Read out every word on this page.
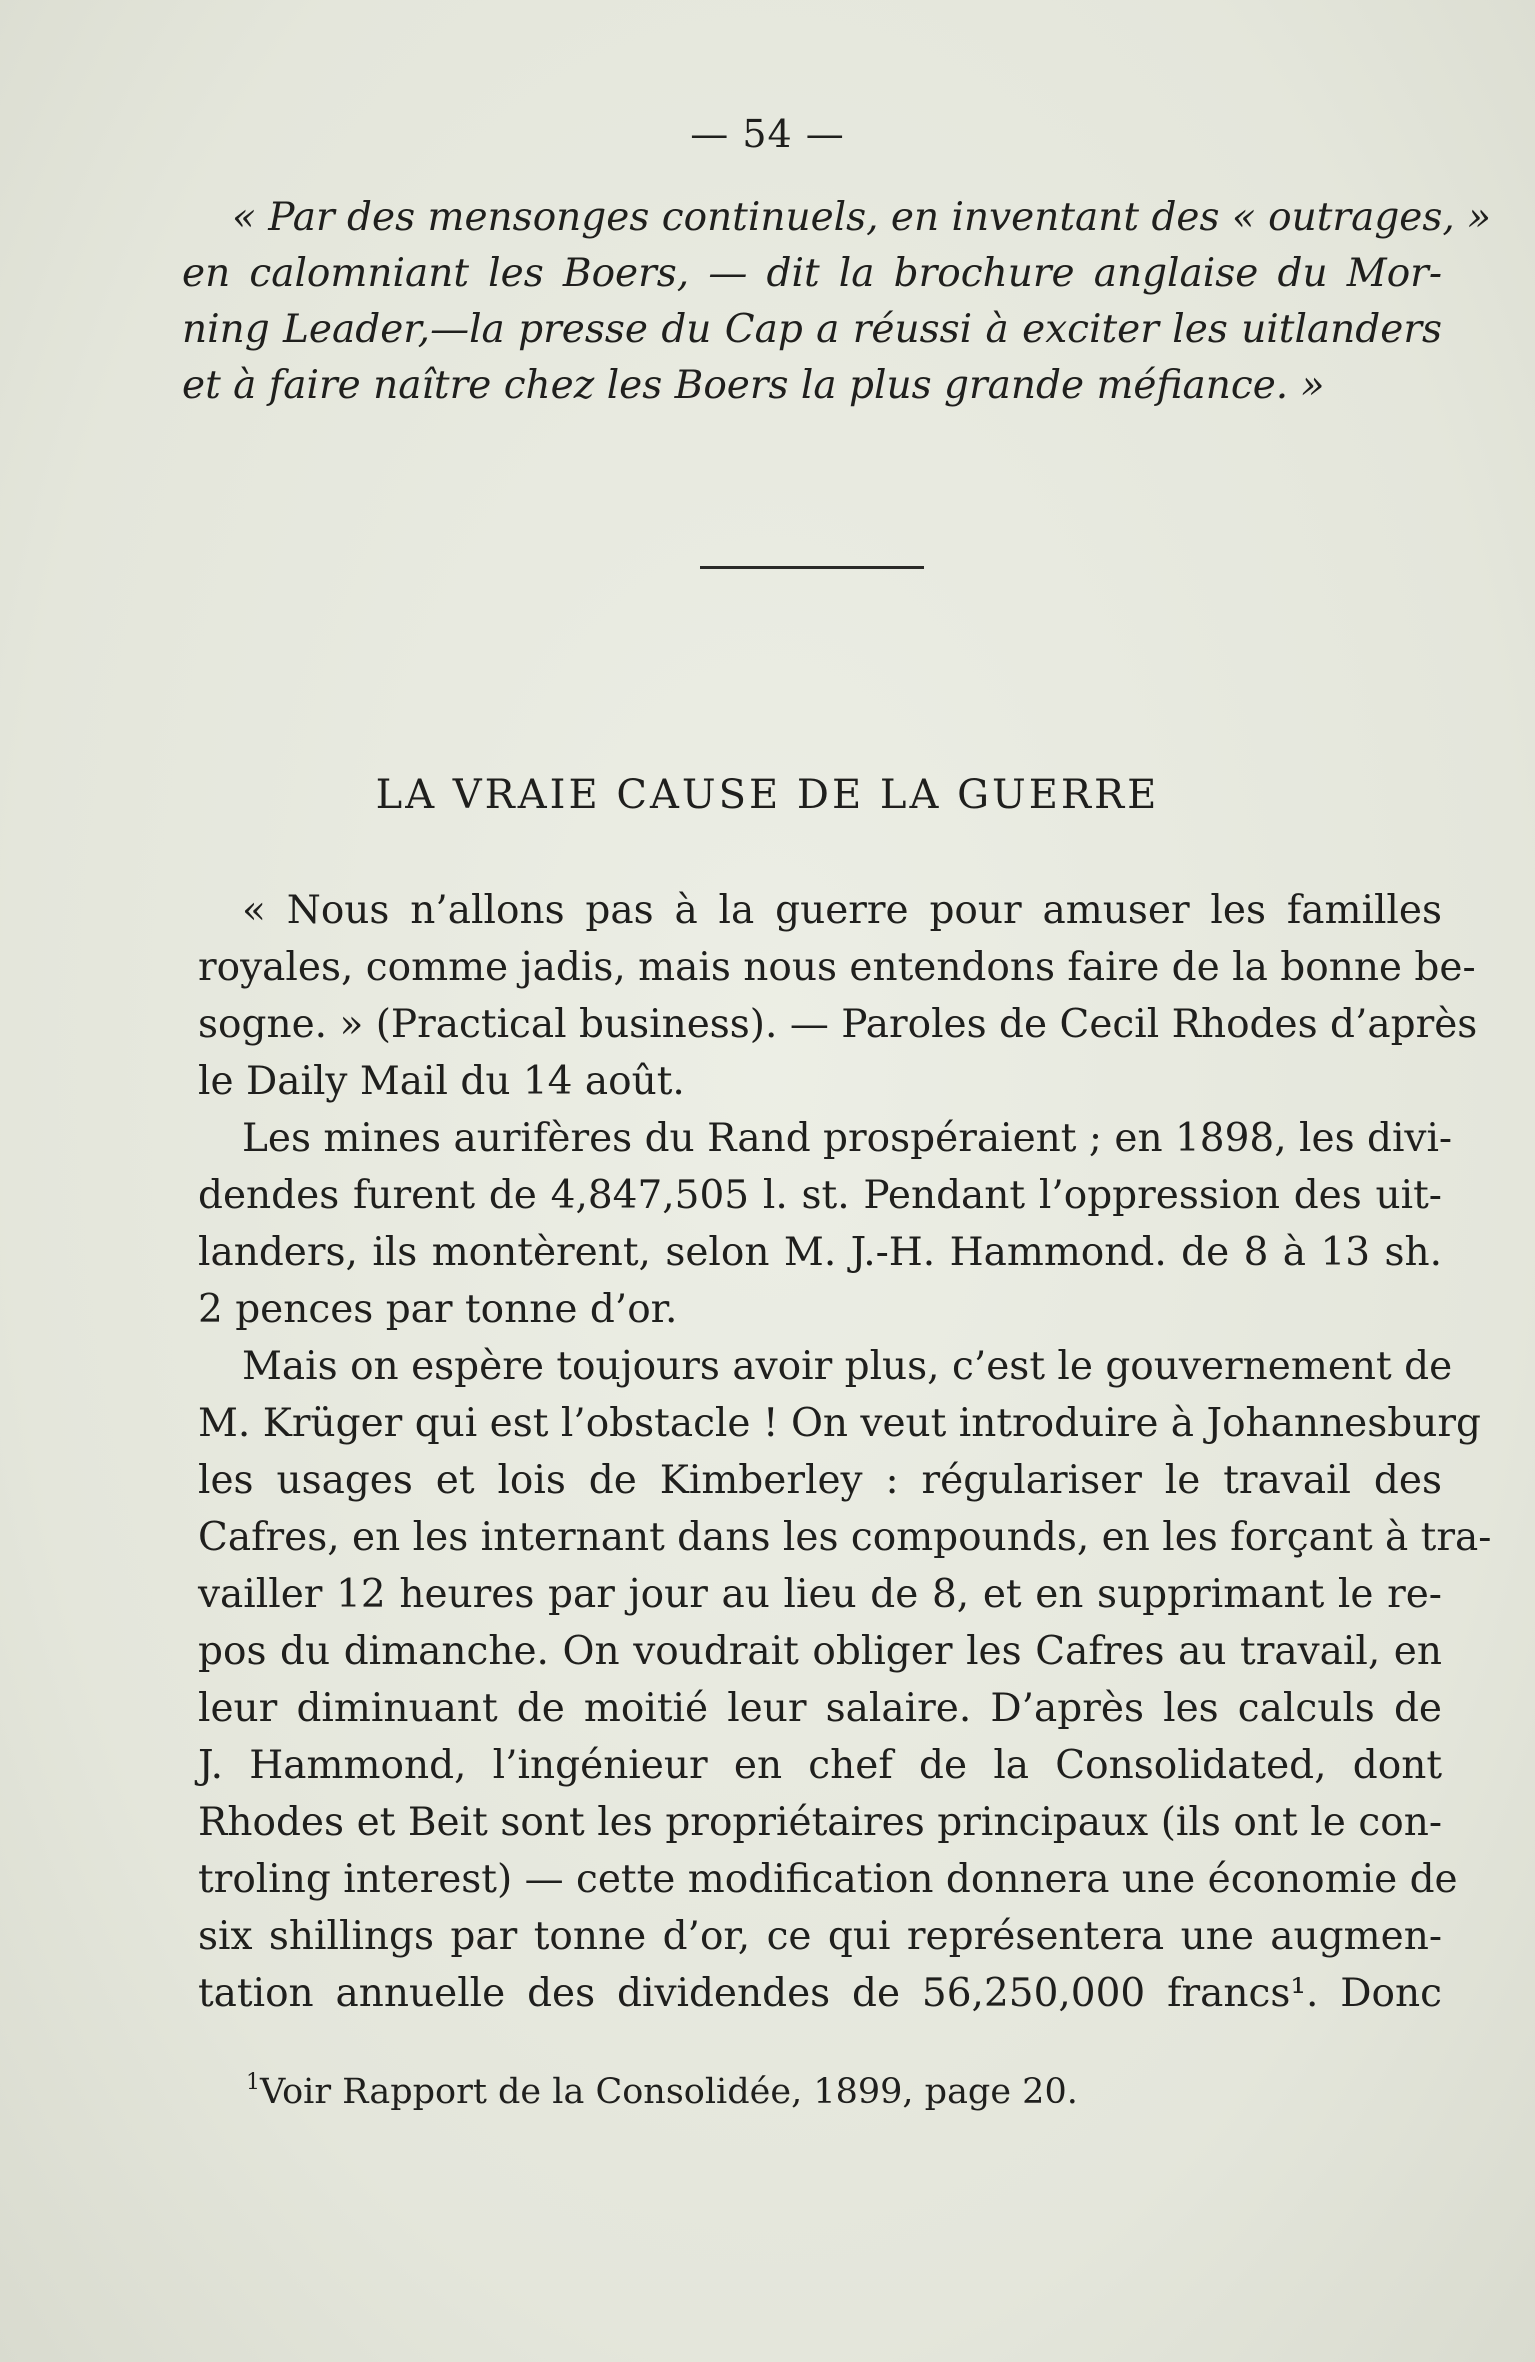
— 54 —
« Par des mensonges continuels, en inventant des « outrages, »
en calomniant les Boers, — dit la brochure anglaise du Mor-
ning Leader,—la presse du Cap a réussi à exciter les uitlanders
et à faire naître chez les Boers la plus grande méfiance. »
LA VRAIE CAUSE DE LA GUERRE
« Nous n’allons pas à la guerre pour amuser les familles
royales, comme jadis, mais nous entendons faire de la bonne be-
sogne. » (Practical business). — Paroles de Cecil Rhodes d’après
le Daily Mail du 14 août.
Les mines aurifères du Rand prospéraient ; en 1898, les divi-
dendes furent de 4,847,505 l. st. Pendant l’oppression des uit-
landers, ils montèrent, selon M. J.-H. Hammond. de 8 à 13 sh.
2 pences par tonne d’or.
Mais on espère toujours avoir plus, c’est le gouvernement de
M. Krüger qui est l’obstacle ! On veut introduire à Johannesburg
les usages et lois de Kimberley : régulariser le travail des
Cafres, en les internant dans les compounds, en les forçant à tra-
vailler 12 heures par jour au lieu de 8, et en supprimant le re-
pos du dimanche. On voudrait obliger les Cafres au travail, en
leur diminuant de moitié leur salaire. D’après les calculs de
J. Hammond, l’ingénieur en chef de la Consolidated, dont
Rhodes et Beit sont les propriétaires principaux (ils ont le con-
troling interest) — cette modification donnera une économie de
six shillings par tonne d’or, ce qui représentera une augmen-
tation annuelle des dividendes de 56,250,000 francs¹. Donc
$^1$Voir Rapport de la Consolidée, 1899, page 20.
